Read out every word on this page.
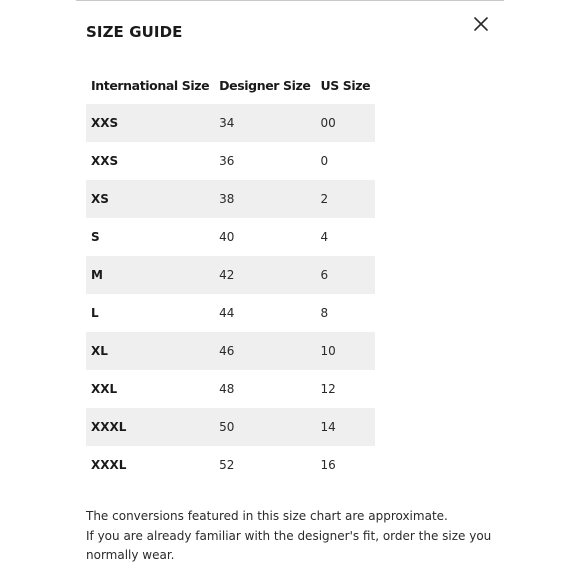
SIZE GUIDE
International Size	Designer Size	US Size
XXS	34	00
XXS	36	0
XS	38	2
S	40	4
M	42	6
L	44	8
XL	46	10
XXL	48	12
XXXL	50	14
XXXL	52	16

The conversions featured in this size chart are approximate.

If you are already familiar with the designer's fit, order the size you normally wear.
